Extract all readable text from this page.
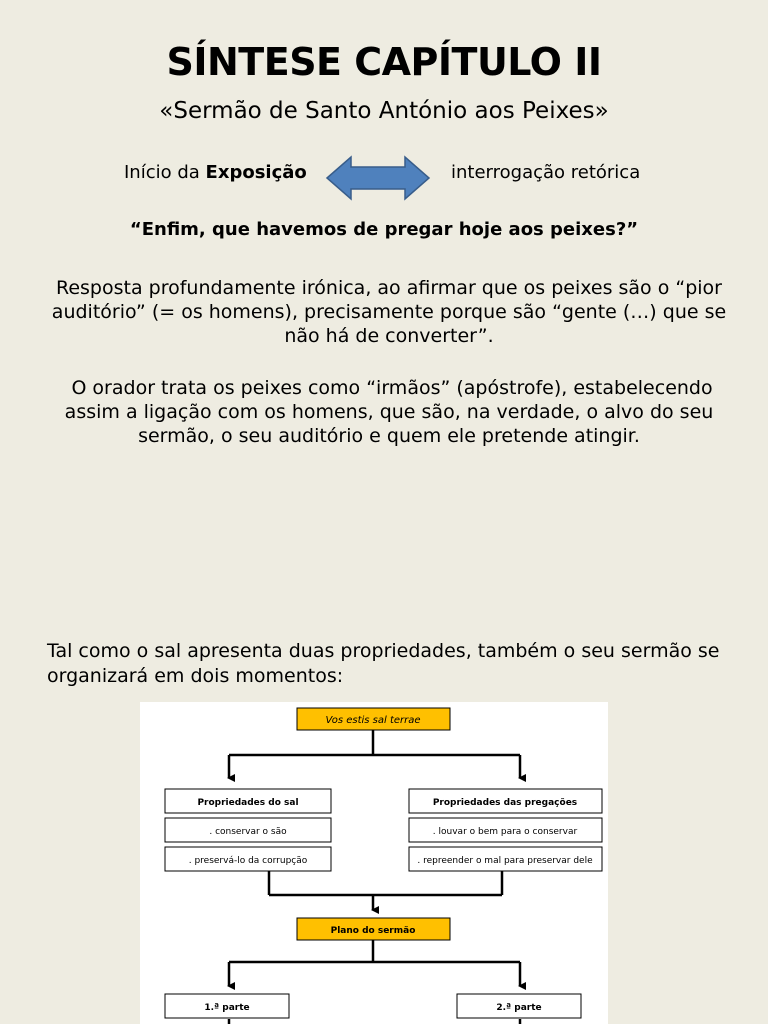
SÍNTESE CAPÍTULO II
«Sermão de Santo António aos Peixes»
Início da Exposição	interrogação retórica
“Enfim, que havemos de pregar hoje aos peixes?”
Resposta profundamente irónica, ao afirmar que os peixes são o “pior auditório” (= os homens), precisamente porque são “gente (…) que se não há de converter”.
O orador trata os peixes como “irmãos” (apóstrofe), estabelecendo assim a ligação com os homens, que são, na verdade, o alvo do seu sermão, o seu auditório e quem ele pretende atingir.
Tal como o sal apresenta duas propriedades, também o seu sermão se organizará em dois momentos:
Vos estis sal terrae
Propriedades do sal
. conservar o são
. preservá-lo da corrupção
Propriedades das pregações
. louvar o bem para o conservar
. repreender o mal para preservar dele
Plano do sermão
1.ª parte	2.ª parte
